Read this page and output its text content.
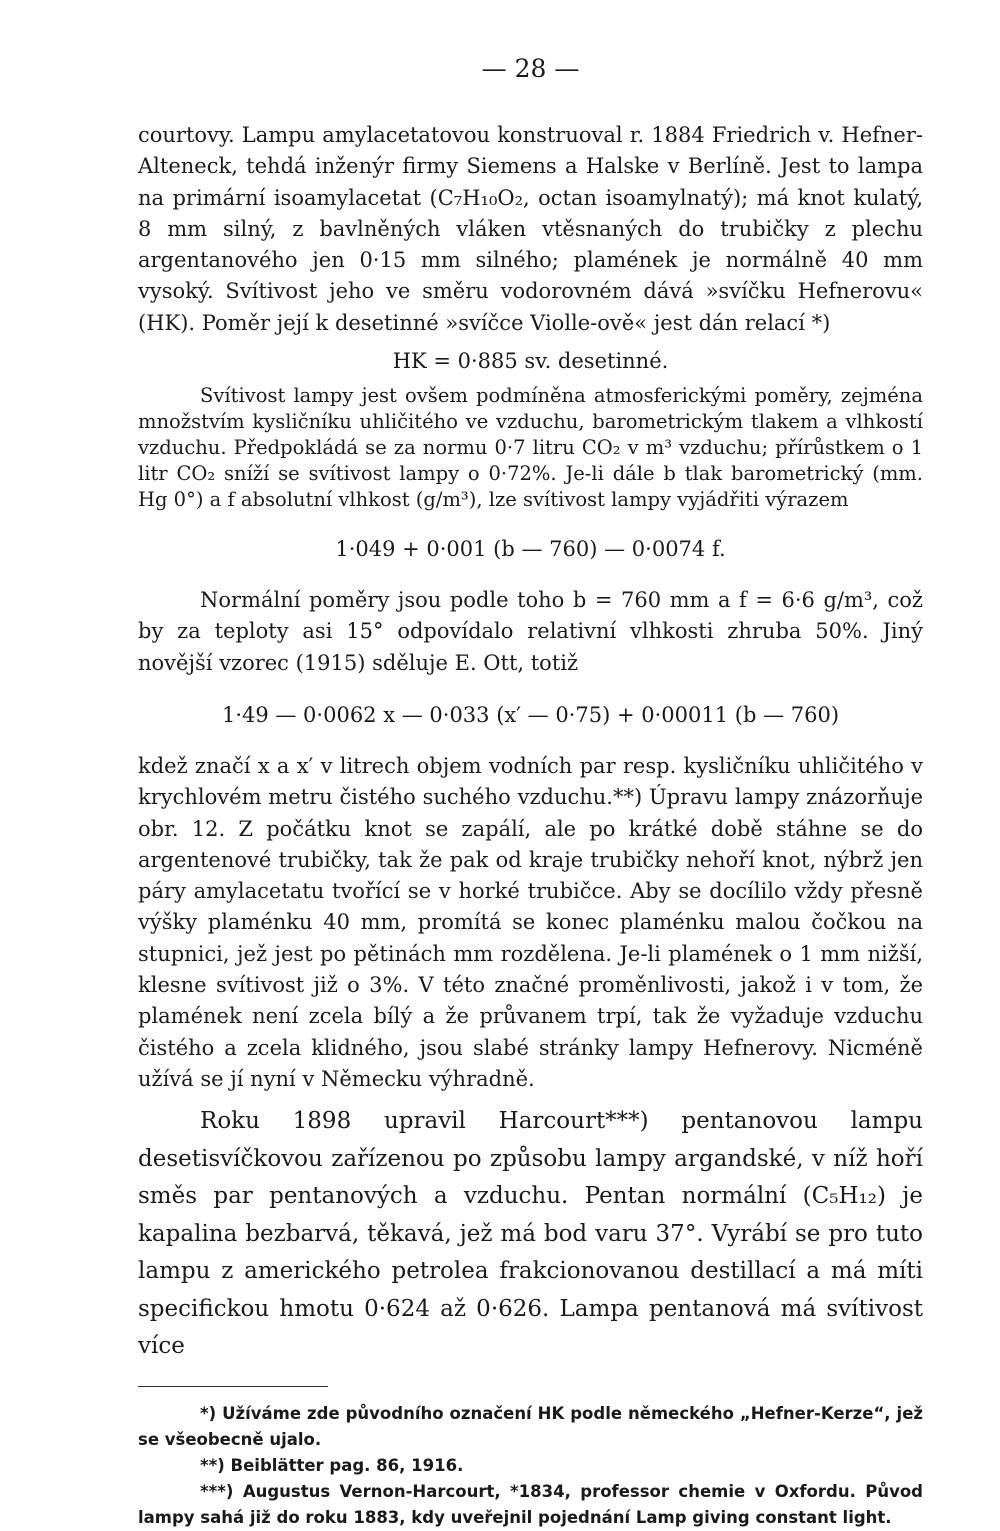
— 28 —

courtovy. Lampu amylacetatovou konstruoval r. 1884 Friedrich v. Hefner-Alteneck, tehdá inženýr firmy Siemens a Halske v Berlíně. Jest to lampa na primární isoamylacetat (C₇H₁₀O₂, octan isoamylnatý); má knot kulatý, 8 mm silný, z bavlněných vláken vtěsnaných do trubičky z plechu argentanového jen 0·15 mm silného; plamének je normálně 40 mm vysoký. Svítivost jeho ve směru vodorovném dává »svíčku Hefnerovu« (HK). Poměr její k desetinné »svíčce Violle-ově« jest dán relací *)

HK = 0·885 sv. desetinné.

Svítivost lampy jest ovšem podmíněna atmosferickými poměry, zejména množstvím kysličníku uhličitého ve vzduchu, barometrickým tlakem a vlhkostí vzduchu. Předpokládá se za normu 0·7 litru CO₂ v m³ vzduchu; přírůstkem o 1 litr CO₂ sníží se svítivost lampy o 0·72%. Je-li dále b tlak barometrický (mm. Hg 0°) a f absolutní vlhkost (g/m³), lze svítivost lampy vyjádřiti výrazem

1·049 + 0·001 (b — 760) — 0·0074 f.

Normální poměry jsou podle toho b = 760 mm a f = 6·6 g/m³, což by za teploty asi 15° odpovídalo relativní vlhkosti zhruba 50%. Jiný novější vzorec (1915) sděluje E. Ott, totiž

1·49 — 0·0062 x — 0·033 (x′ — 0·75) + 0·00011 (b — 760)

kdež značí x a x′ v litrech objem vodních par resp. kysličníku uhličitého v krychlovém metru čistého suchého vzduchu.**) Úpravu lampy znázorňuje obr. 12. Z počátku knot se zapálí, ale po krátké době stáhne se do argentenové trubičky, tak že pak od kraje trubičky nehoří knot, nýbrž jen páry amylacetatu tvořící se v horké trubičce. Aby se docílilo vždy přesně výšky plaménku 40 mm, promítá se konec plaménku malou čočkou na stupnici, jež jest po pětinách mm rozdělena. Je-li plamének o 1 mm nižší, klesne svítivost již o 3%. V této značné proměnlivosti, jakož i v tom, že plamének není zcela bílý a že průvanem trpí, tak že vyžaduje vzduchu čistého a zcela klidného, jsou slabé stránky lampy Hefnerovy. Nicméně užívá se jí nyní v Německu výhradně.

Roku 1898 upravil Harcourt***) pentanovou lampu desetisvíčkovou zařízenou po způsobu lampy argandské, v níž hoří směs par pentanových a vzduchu. Pentan normální (C₅H₁₂) je kapalina bezbarvá, těkavá, jež má bod varu 37°. Vyrábí se pro tuto lampu z amerického petrolea frakcionovanou destillací a má míti specifickou hmotu 0·624 až 0·626. Lampa pentanová má svítivost více

*) Užíváme zde původního označení HK podle německého „Hefner-Kerze“, jež se všeobecně ujalo.

**) Beiblätter pag. 86, 1916.

***) Augustus Vernon-Harcourt, *1834, professor chemie v Oxfordu. Původ lampy sahá již do roku 1883, kdy uveřejnil pojednání Lamp giving constant light.
